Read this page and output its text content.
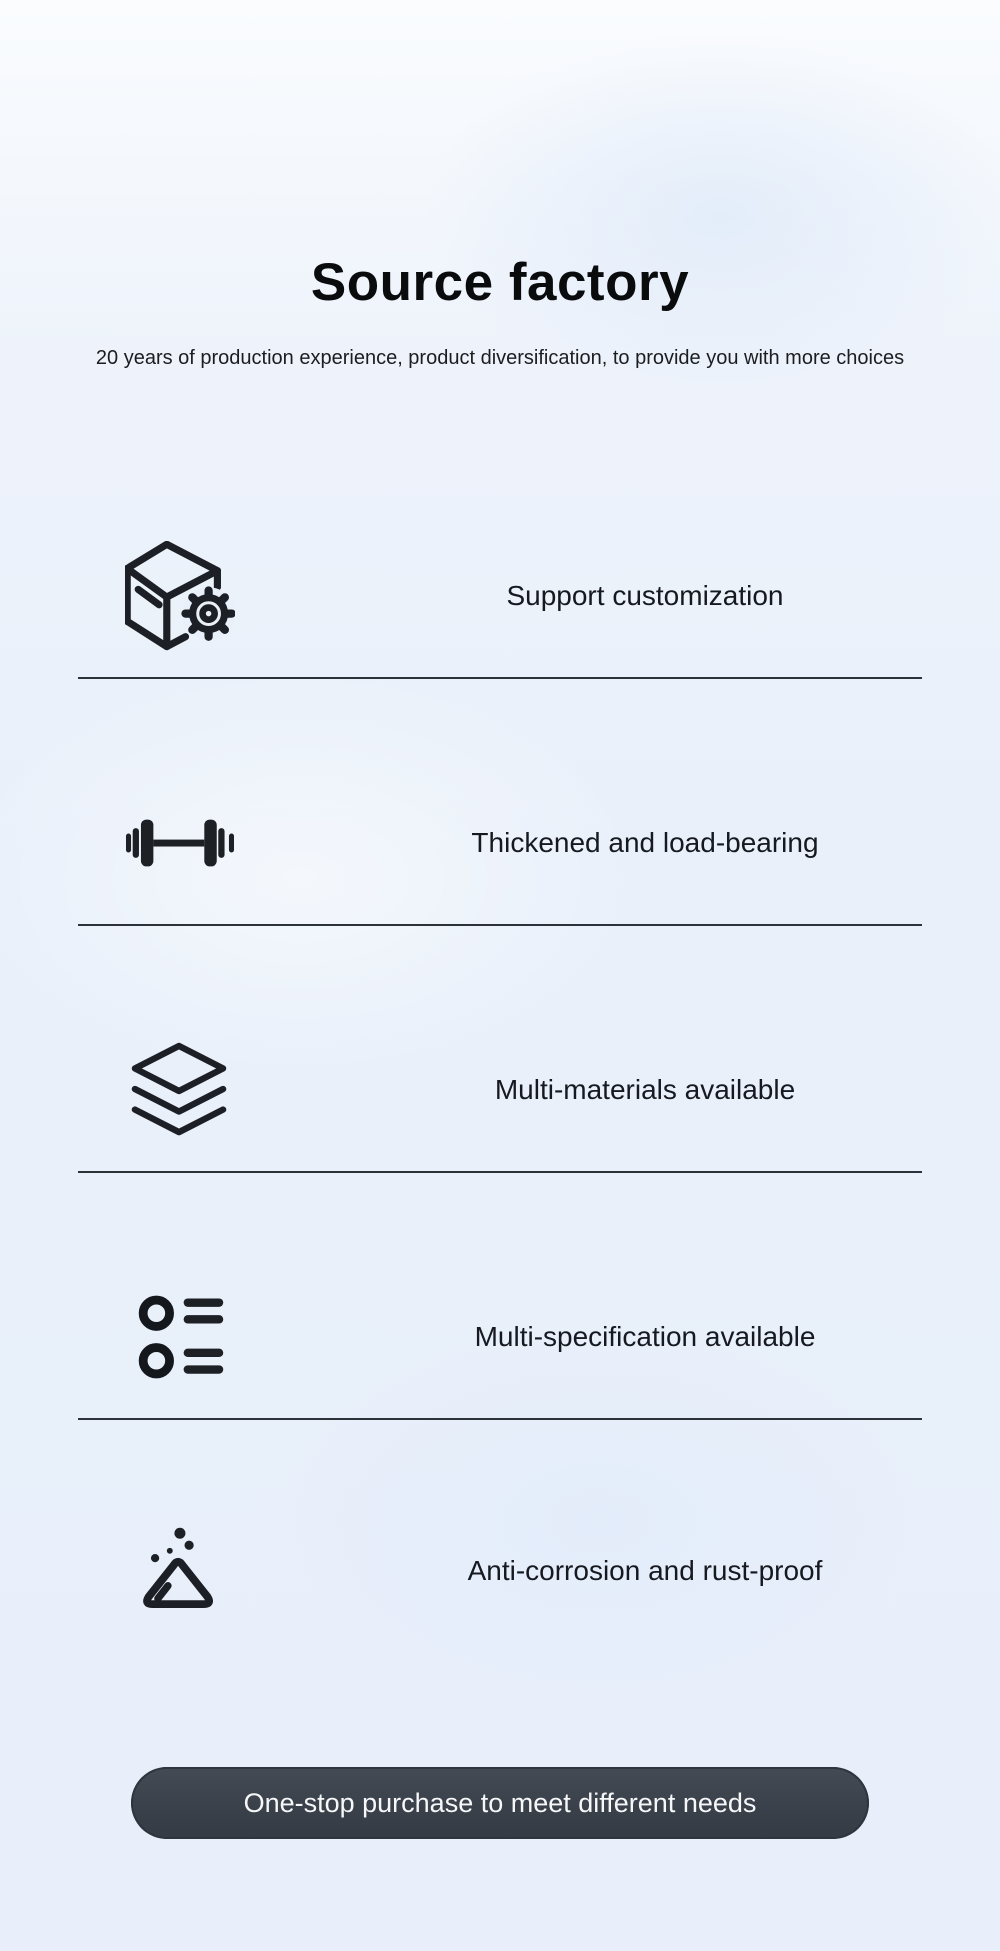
Source factory
20 years of production experience, product diversification, to provide you with more choices
Support customization
Thickened and load-bearing
Multi-materials available
Multi-specification available
Anti-corrosion and rust-proof
One-stop purchase to meet different needs
